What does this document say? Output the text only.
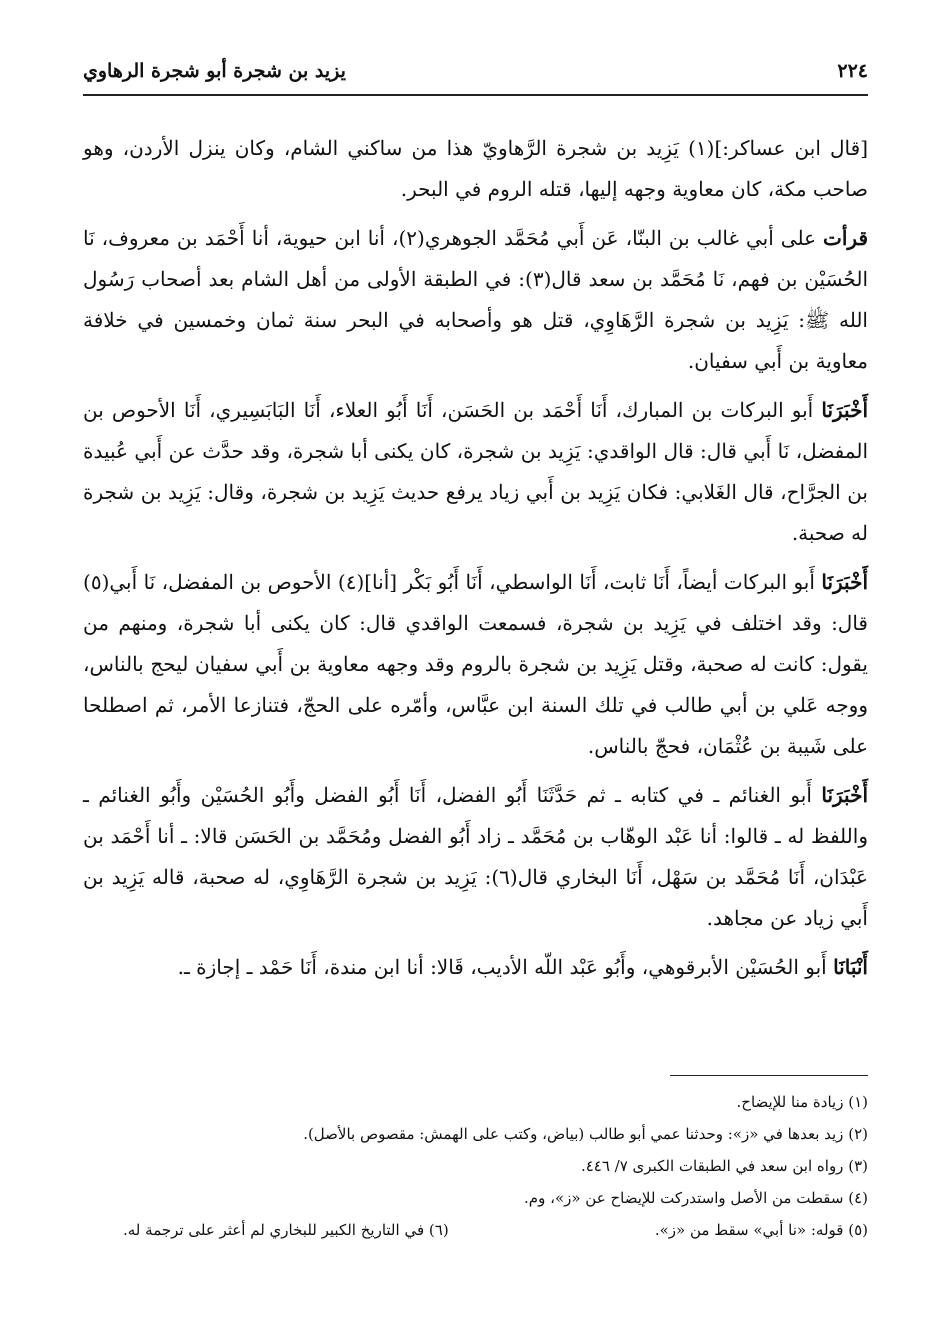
٢٢٤
يزيد بن شجرة أبو شجرة الرهاوي

[قال ابن عساكر:](١) يَزِيد بن شجرة الرَّهاويّ هذا من ساكني الشام، وكان ينزل الأردن، وهو صاحب مكة، كان معاوية وجهه إليها، قتله الروم في البحر.

قرأت على أبي غالب بن البنّا، عَن أَبي مُحَمَّد الجوهري(٢)، أنا ابن حيوية، أنا أَحْمَد بن معروف، نَا الحُسَيْن بن فهم، نَا مُحَمَّد بن سعد قال(٣): في الطبقة الأولى من أهل الشام بعد أصحاب رَسُول الله ﷺ: يَزِيد بن شجرة الرَّهَاوِي، قتل هو وأصحابه في البحر سنة ثمان وخمسين في خلافة معاوية بن أَبي سفيان.

أَخْبَرَنَا أَبو البركات بن المبارك، أَنَا أَحْمَد بن الحَسَن، أَنَا أَبُو العلاء، أَنَا البَابَسِيري، أَنَا الأحوص بن المفضل، نَا أَبي قال: قال الواقدي: يَزِيد بن شجرة، كان يكنى أبا شجرة، وقد حدَّث عن أَبي عُبيدة بن الجرَّاح، قال الغَلابي: فكان يَزِيد بن أَبي زياد يرفع حديث يَزِيد بن شجرة، وقال: يَزِيد بن شجرة له صحبة.

أَخْبَرَنَا أَبو البركات أيضاً، أَنَا ثابت، أَنَا الواسطي، أَنَا أَبُو بَكْر [أنا](٤) الأحوص بن المفضل، نَا أَبي(٥) قال: وقد اختلف في يَزِيد بن شجرة، فسمعت الواقدي قال: كان يكنى أبا شجرة، ومنهم من يقول: كانت له صحبة، وقتل يَزِيد بن شجرة بالروم وقد وجهه معاوية بن أَبي سفيان ليحج بالناس، ووجه عَلي بن أبي طالب في تلك السنة ابن عبَّاس، وأمّره على الحجّ، فتنازعا الأمر، ثم اصطلحا على شَيبة بن عُثْمَان، فحجّ بالناس.

أَخْبَرَنَا أَبو الغنائم ـ في كتابه ـ ثم حَدَّثَنَا أَبُو الفضل، أَنَا أَبُو الفضل وأَبُو الحُسَيْن وأَبُو الغنائم ـ واللفظ له ـ قالوا: أنا عَبْد الوهّاب بن مُحَمَّد ـ زاد أَبُو الفضل ومُحَمَّد بن الحَسَن قالا: ـ أنا أَحْمَد بن عَبْدَان، أَنَا مُحَمَّد بن سَهْل، أَنَا البخاري قال(٦): يَزِيد بن شجرة الرَّهَاوِي، له صحبة، قاله يَزِيد بن أَبي زياد عن مجاهد.

أَنْبَانَا أَبو الحُسَيْن الأبرقوهي، وأَبُو عَبْد اللّه الأديب، قَالا: أنا ابن مندة، أَنَا حَمْد ـ إجازة ـ.

(١) زيادة منا للإيضاح.

(٢) زيد بعدها في «ز»: وحدثنا عمي أبو طالب (بياض، وكتب على الهمش: مقصوص بالأصل).

(٣) رواه ابن سعد في الطبقات الكبرى ٧/ ٤٤٦.

(٤) سقطت من الأصل واستدركت للإيضاح عن «ز»، وم.

(٥) قوله: «نا أبي» سقط من «ز».

(٦) في التاريخ الكبير للبخاري لم أعثر على ترجمة له.
